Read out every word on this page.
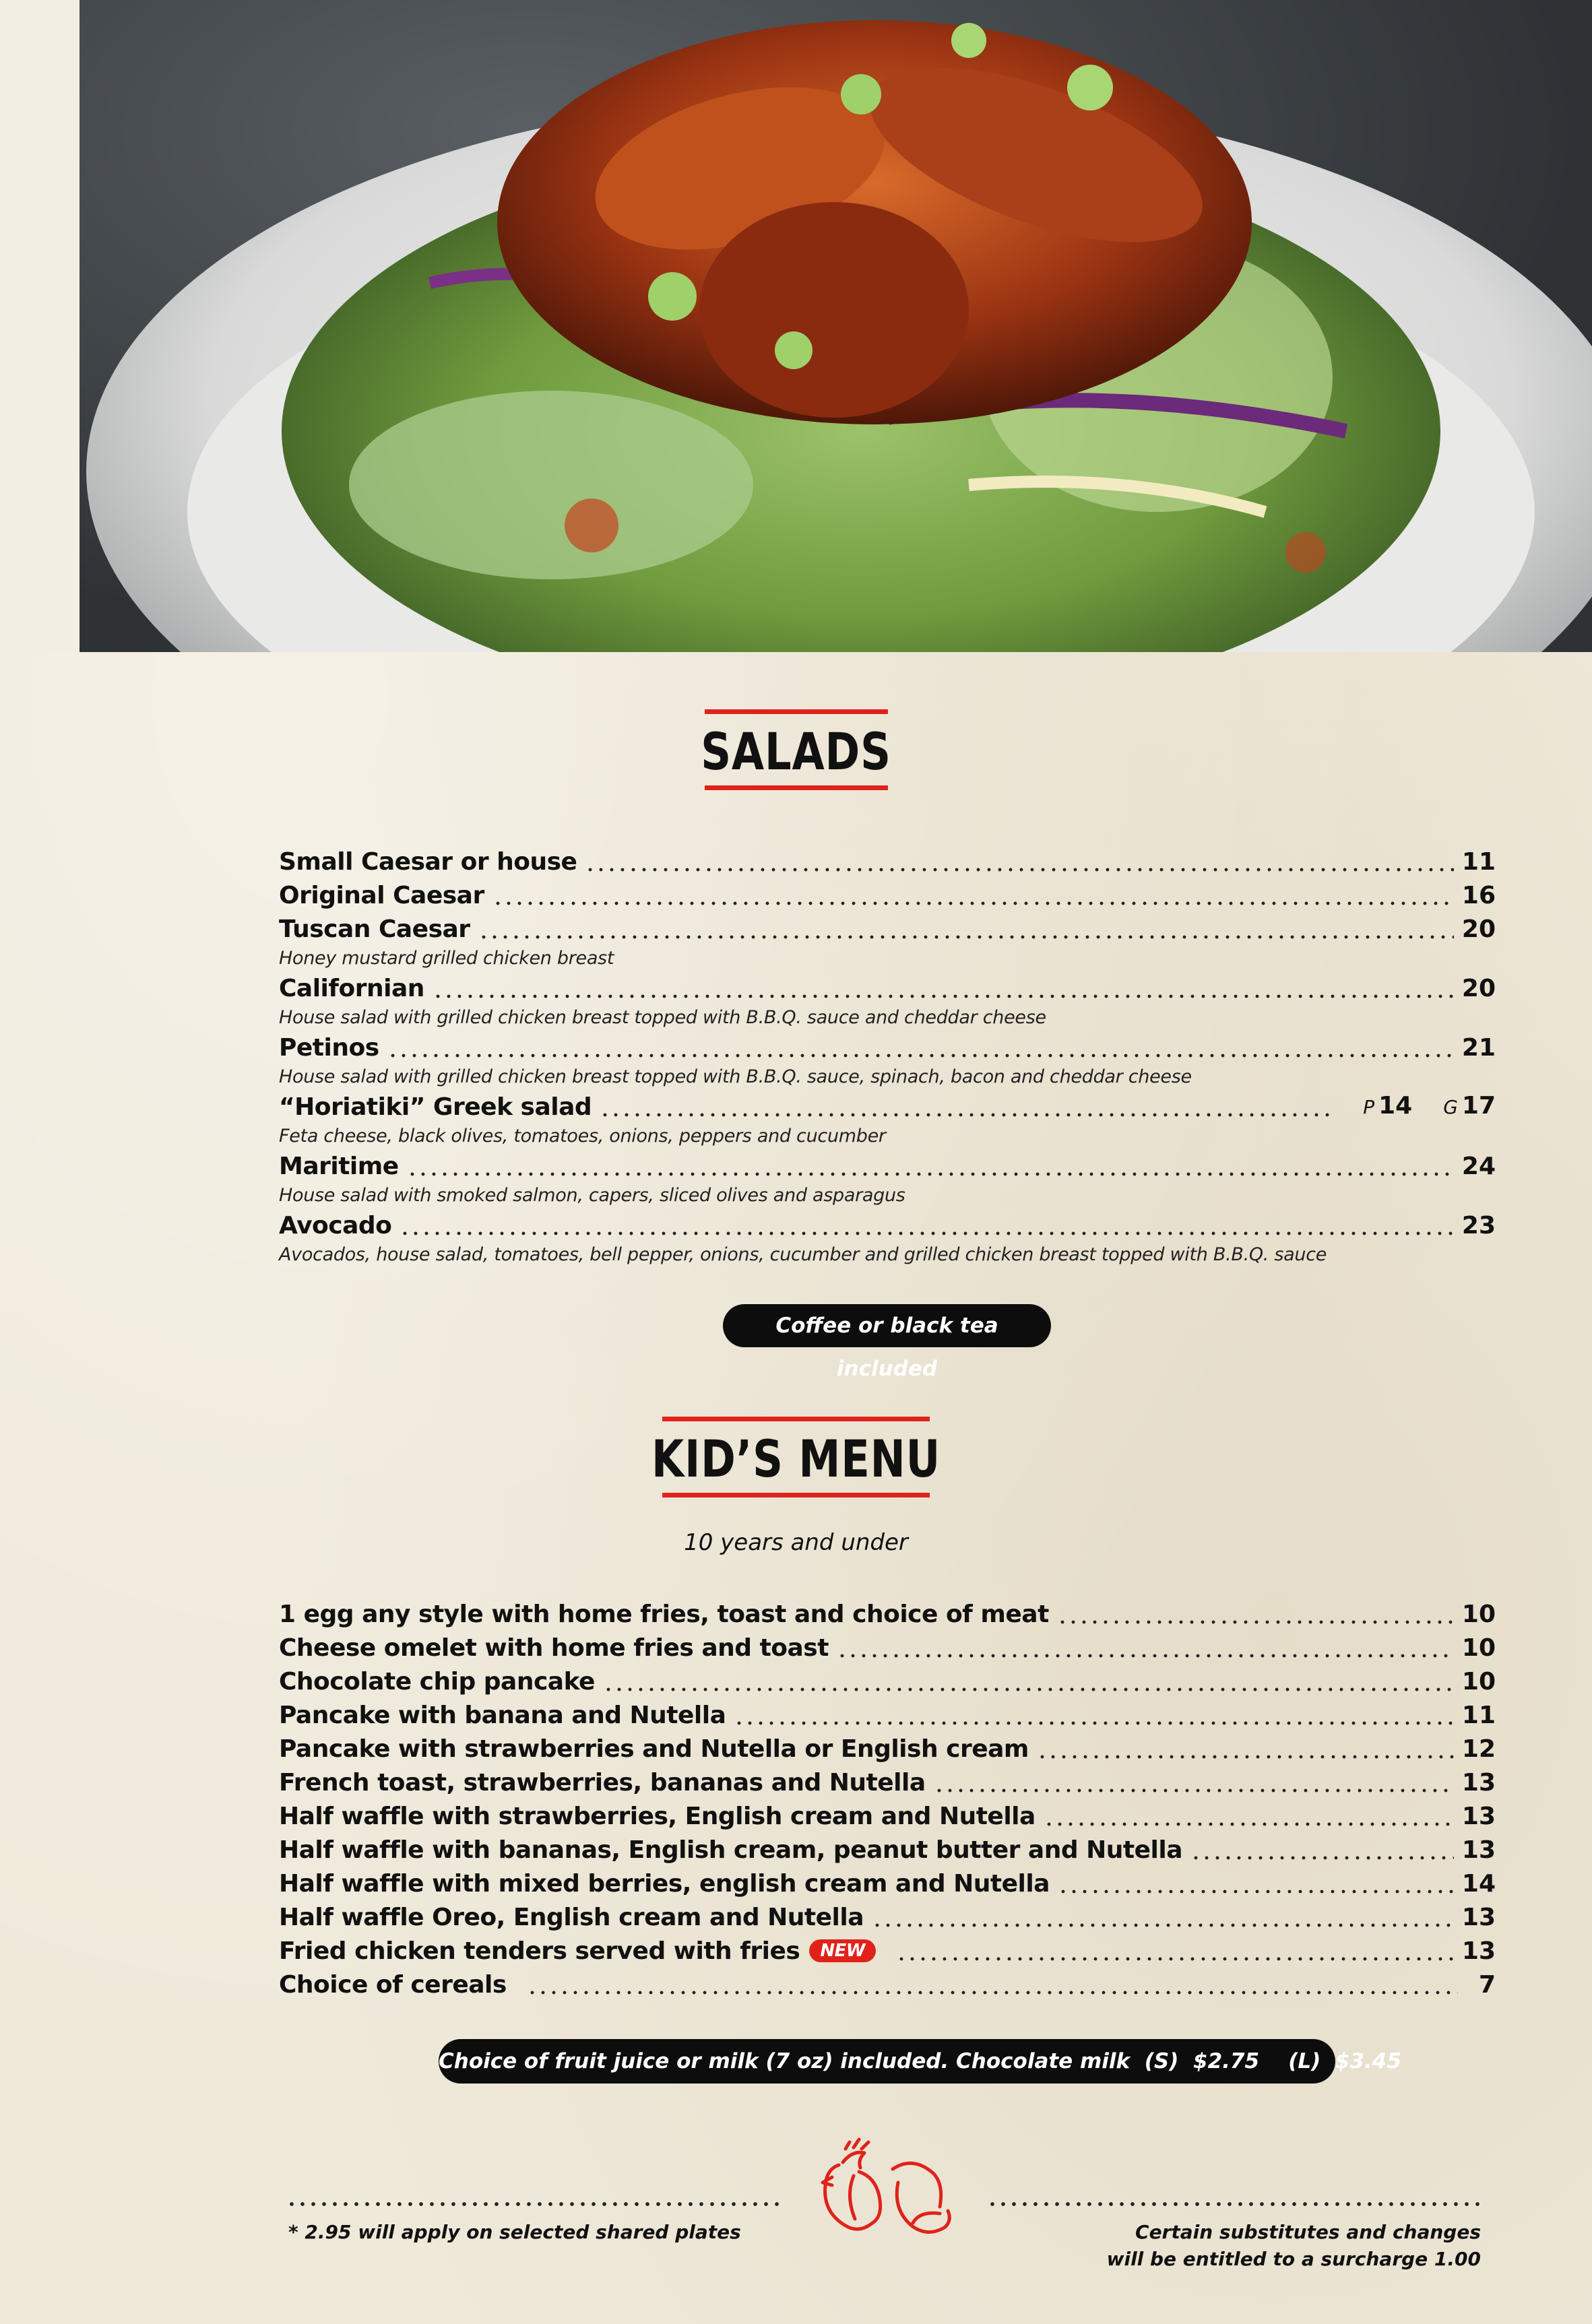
SALADS
Small Caesar or house	11
Original Caesar	16
Tuscan Caesar	20
Honey mustard grilled chicken breast
Californian	20
House salad with grilled chicken breast topped with B.B.Q. sauce and cheddar cheese
Petinos	21
House salad with grilled chicken breast topped with B.B.Q. sauce, spinach, bacon and cheddar cheese
“Horiatiki” Greek salad	P 14 G 17
Feta cheese, black olives, tomatoes, onions, peppers and cucumber
Maritime	24
House salad with smoked salmon, capers, sliced olives and asparagus
Avocado	23
Avocados, house salad, tomatoes, bell pepper, onions, cucumber and grilled chicken breast topped with B.B.Q. sauce
Coffee or black tea included
KID’S MENU
10 years and under
1 egg any style with home fries, toast and choice of meat	10
Cheese omelet with home fries and toast	10
Chocolate chip pancake	10
Pancake with banana and Nutella	11
Pancake with strawberries and Nutella or English cream	12
French toast, strawberries, bananas and Nutella	13
Half waffle with strawberries, English cream and Nutella	13
Half waffle with bananas, English cream, peanut butter and Nutella	13
Half waffle with mixed berries, english cream and Nutella	14
Half waffle Oreo, English cream and Nutella	13
Fried chicken tenders served with fries NEW	13
Choice of cereals	7
Choice of fruit juice or milk (7 oz) included. Chocolate milk  (S)  $2.75    (L)  $3.45
* 2.95 will apply on selected shared plates	Certain substitutes and changes
will be entitled to a surcharge 1.00
